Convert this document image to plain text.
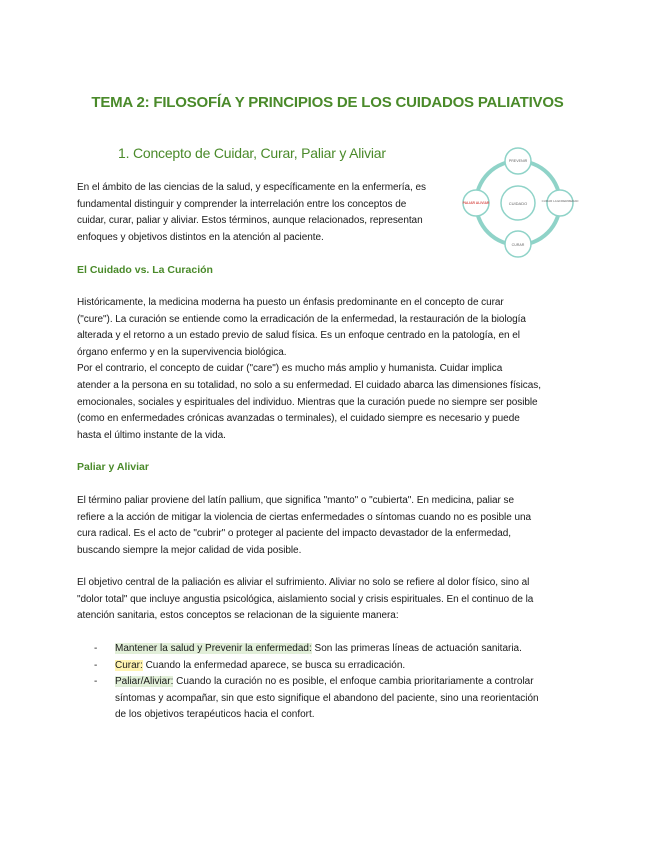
TEMA 2: FILOSOFÍA Y PRINCIPIOS DE LOS CUIDADOS PALIATIVOS
1. Concepto de Cuidar, Curar, Paliar y Aliviar

En el ámbito de las ciencias de la salud, y específicamente en la enfermería, es

fundamental distinguir y comprender la interrelación entre los conceptos de

cuidar, curar, paliar y aliviar. Estos términos, aunque relacionados, representan

enfoques y objetivos distintos en la atención al paciente.

CUIDADO
PREVENIR
CURAR LA ENFERMEDAD
CURAR
PALIAR ALIVIAR
El Cuidado vs. La Curación

Históricamente, la medicina moderna ha puesto un énfasis predominante en el concepto de curar

("cure"). La curación se entiende como la erradicación de la enfermedad, la restauración de la biología

alterada y el retorno a un estado previo de salud física. Es un enfoque centrado en la patología, en el

órgano enfermo y en la supervivencia biológica.

Por el contrario, el concepto de cuidar ("care") es mucho más amplio y humanista. Cuidar implica

atender a la persona en su totalidad, no solo a su enfermedad. El cuidado abarca las dimensiones físicas,

emocionales, sociales y espirituales del individuo. Mientras que la curación puede no siempre ser posible

(como en enfermedades crónicas avanzadas o terminales), el cuidado siempre es necesario y puede

hasta el último instante de la vida.

Paliar y Aliviar

El término paliar proviene del latín pallium, que significa "manto" o "cubierta". En medicina, paliar se

refiere a la acción de mitigar la violencia de ciertas enfermedades o síntomas cuando no es posible una

cura radical. Es el acto de "cubrir" o proteger al paciente del impacto devastador de la enfermedad,

buscando siempre la mejor calidad de vida posible.

El objetivo central de la paliación es aliviar el sufrimiento. Aliviar no solo se refiere al dolor físico, sino al

"dolor total" que incluye angustia psicológica, aislamiento social y crisis espirituales. En el continuo de la

atención sanitaria, estos conceptos se relacionan de la siguiente manera:

- Mantener la salud y Prevenir la enfermedad: Son las primeras líneas de actuación sanitaria.
- Curar: Cuando la enfermedad aparece, se busca su erradicación.
- Paliar/Aliviar: Cuando la curación no es posible, el enfoque cambia prioritariamente a controlar
síntomas y acompañar, sin que esto signifique el abandono del paciente, sino una reorientación
de los objetivos terapéuticos hacia el confort.
